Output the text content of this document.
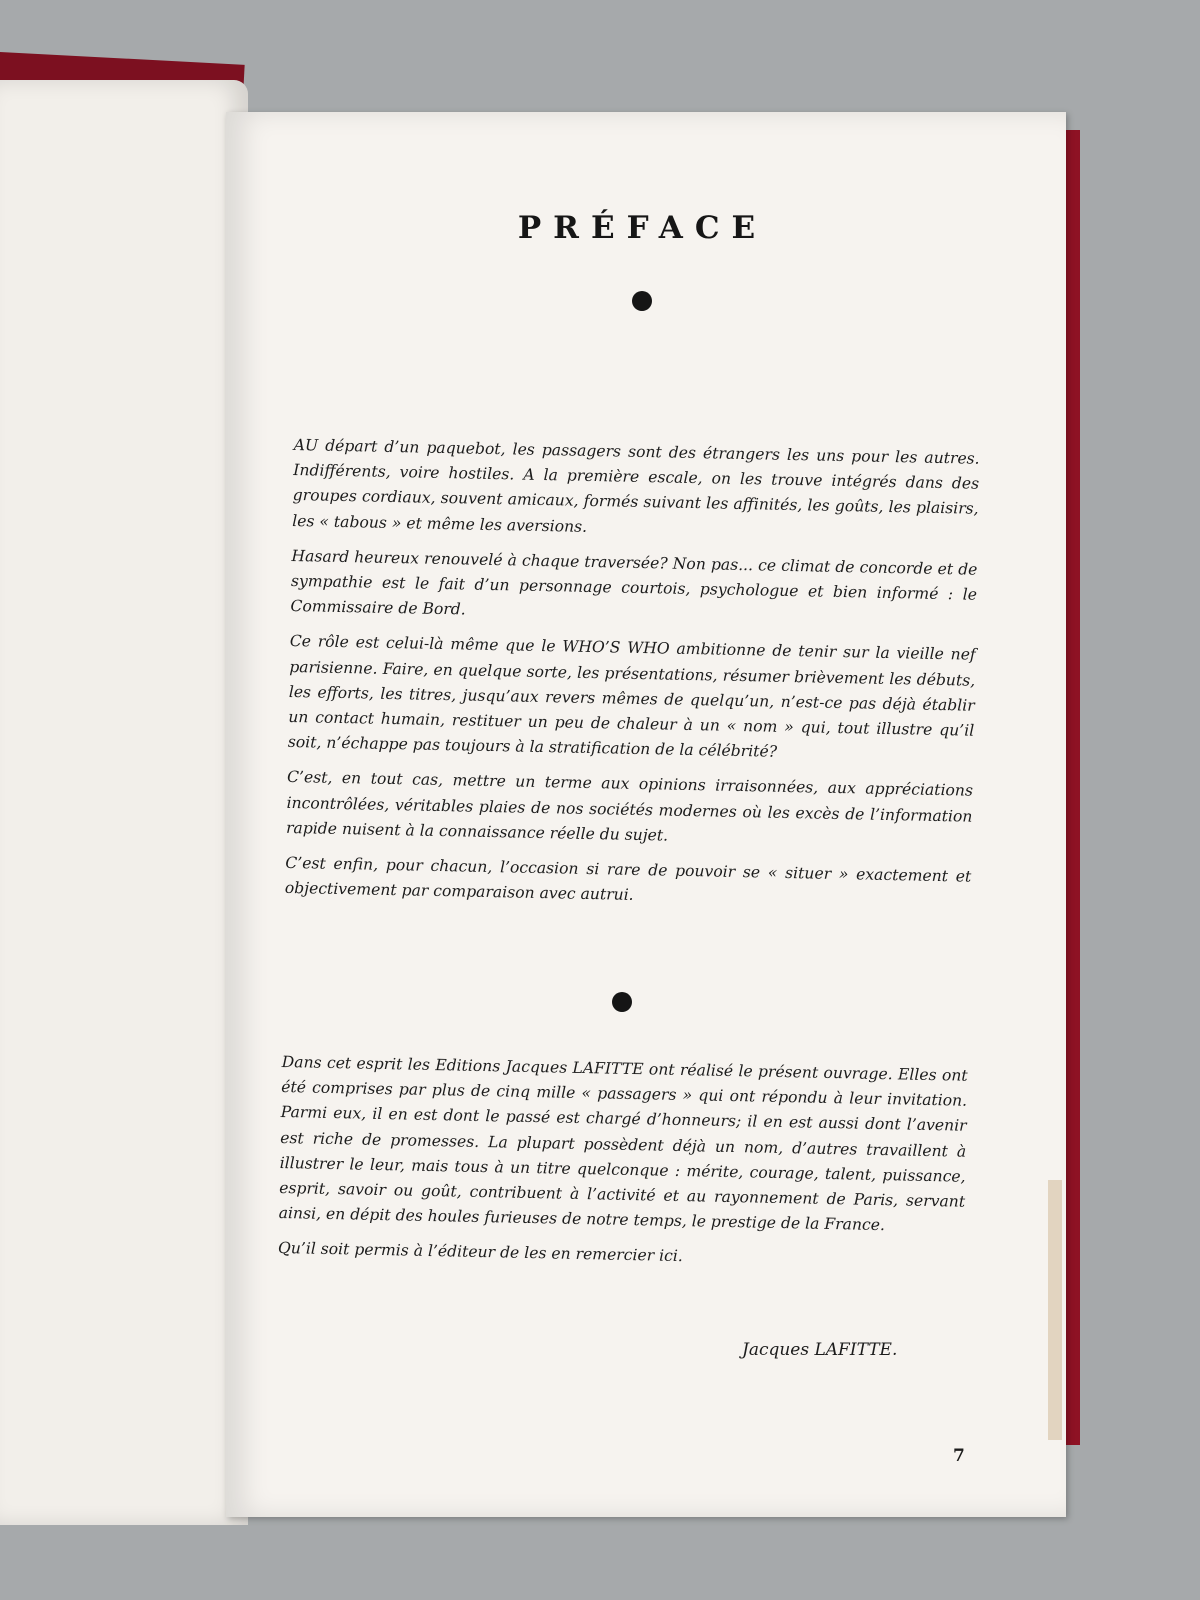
PRÉFACE

AU départ d’un paquebot, les passagers sont des étrangers les uns pour les autres. Indifférents, voire hostiles. A la première escale, on les trouve intégrés dans des groupes cordiaux, souvent amicaux, formés suivant les affinités, les goûts, les plaisirs, les « tabous » et même les aversions.

Hasard heureux renouvelé à chaque traversée? Non pas... ce climat de concorde et de sympathie est le fait d’un personnage courtois, psychologue et bien informé : le Commissaire de Bord.

Ce rôle est celui-là même que le WHO’S WHO ambitionne de tenir sur la vieille nef parisienne. Faire, en quelque sorte, les présentations, résumer brièvement les débuts, les efforts, les titres, jusqu’aux revers mêmes de quelqu’un, n’est-ce pas déjà établir un contact humain, restituer un peu de chaleur à un « nom » qui, tout illustre qu’il soit, n’échappe pas toujours à la stratification de la célébrité?

C’est, en tout cas, mettre un terme aux opinions irraisonnées, aux appréciations incontrôlées, véritables plaies de nos sociétés modernes où les excès de l’information rapide nuisent à la connaissance réelle du sujet.

C’est enfin, pour chacun, l’occasion si rare de pouvoir se « situer » exactement et objectivement par comparaison avec autrui.

Dans cet esprit les Editions Jacques LAFITTE ont réalisé le présent ouvrage. Elles ont été comprises par plus de cinq mille « passagers » qui ont répondu à leur invitation. Parmi eux, il en est dont le passé est chargé d’honneurs; il en est aussi dont l’avenir est riche de promesses. La plupart possèdent déjà un nom, d’autres travaillent à illustrer le leur, mais tous à un titre quelconque : mérite, courage, talent, puissance, esprit, savoir ou goût, contribuent à l’activité et au rayonnement de Paris, servant ainsi, en dépit des houles furieuses de notre temps, le prestige de la France.

Qu’il soit permis à l’éditeur de les en remercier ici.

Jacques LAFITTE.
7
